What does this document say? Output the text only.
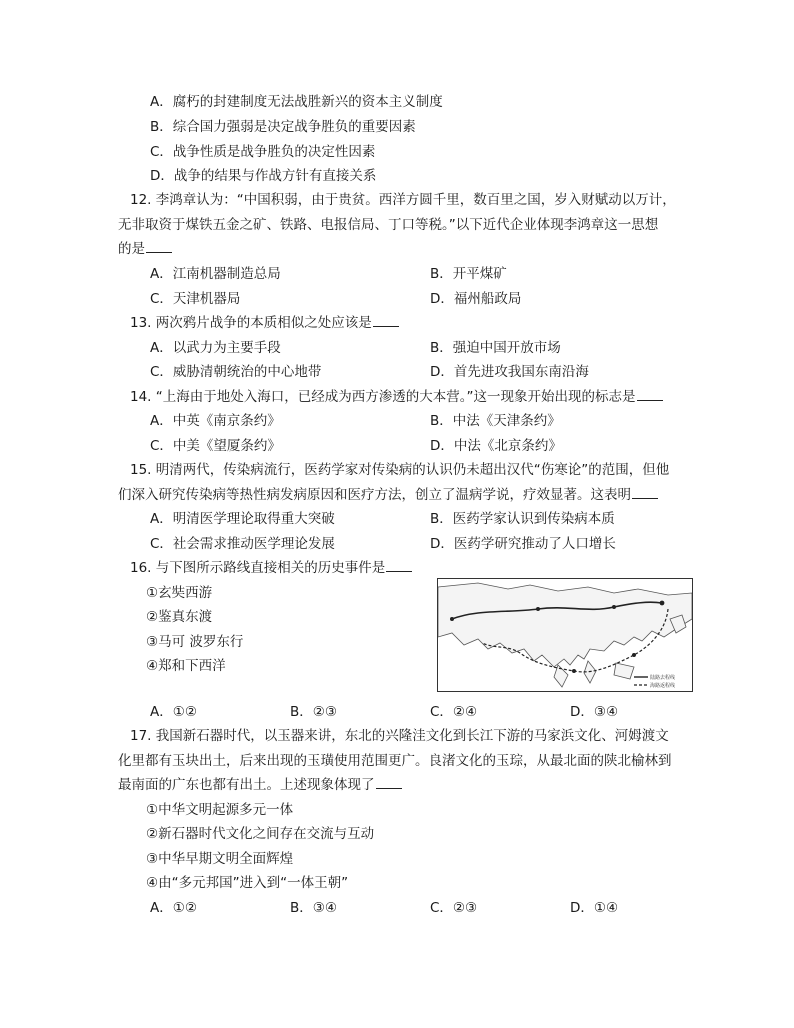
A．腐朽的封建制度无法战胜新兴的资本主义制度
B．综合国力强弱是决定战争胜负的重要因素
C．战争性质是战争胜负的决定性因素
D．战争的结果与作战方针有直接关系
12. 李鸿章认为：“中国积弱，由于贵贫。西洋方圆千里，数百里之国，岁入财赋动以万计，
无非取资于煤铁五金之矿、铁路、电报信局、丁口等税。”以下近代企业体现李鸿章这一思想
的是
A．江南机器制造总局	B．开平煤矿
C．天津机器局	D．福州船政局
13. 两次鸦片战争的本质相似之处应该是
A．以武力为主要手段	B．强迫中国开放市场
C．威胁清朝统治的中心地带	D．首先进攻我国东南沿海
14. “上海由于地处入海口，已经成为西方渗透的大本营。”这一现象开始出现的标志是
A．中英《南京条约》	B．中法《天津条约》
C．中美《望厦条约》	D．中法《北京条约》
15. 明清两代，传染病流行，医药学家对传染病的认识仍未超出汉代“伤寒论”的范围，但他
们深入研究传染病等热性病发病原因和医疗方法，创立了温病学说，疗效显著。这表明
A．明清医学理论取得重大突破	B．医药学家认识到传染病本质
C．社会需求推动医学理论发展	D．医药学研究推动了人口增长
16. 与下图所示路线直接相关的历史事件是
①玄奘西游
②鉴真东渡
③马可 波罗东行
④郑和下西洋
陆路去程线
海路返程线
A．①②	B．②③	C．②④	D．③④
17. 我国新石器时代，以玉器来讲，东北的兴隆洼文化到长江下游的马家浜文化、河姆渡文
化里都有玉块出土，后来出现的玉璜使用范围更广。良渚文化的玉琮，从最北面的陕北榆林到
最南面的广东也都有出土。上述现象体现了
①中华文明起源多元一体
②新石器时代文化之间存在交流与互动
③中华早期文明全面辉煌
④由“多元邦国”进入到“一体王朝”
A．①②	B．③④	C．②③	D．①④
